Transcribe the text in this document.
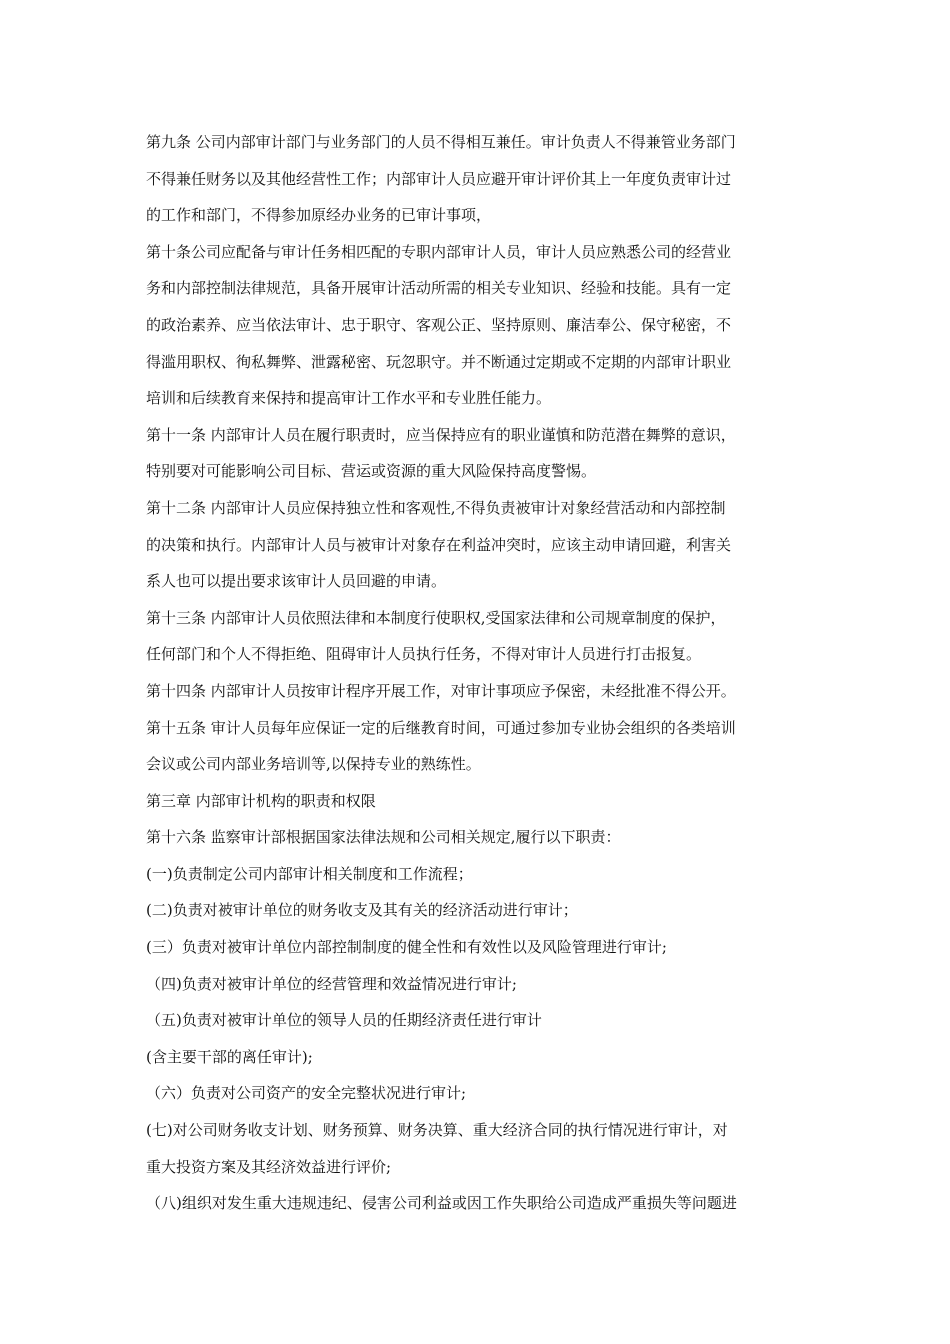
第九条 公司内部审计部门与业务部门的人员不得相互兼任。审计负责人不得兼管业务部门
不得兼任财务以及其他经营性工作；内部审计人员应避开审计评价其上一年度负责审计过
的工作和部门，不得参加原经办业务的已审计事项，
第十条公司应配备与审计任务相匹配的专职内部审计人员，审计人员应熟悉公司的经营业
务和内部控制法律规范，具备开展审计活动所需的相关专业知识、经验和技能。具有一定
的政治素养、应当依法审计、忠于职守、客观公正、坚持原则、廉洁奉公、保守秘密，不
得滥用职权、徇私舞弊、泄露秘密、玩忽职守。并不断通过定期或不定期的内部审计职业
培训和后续教育来保持和提高审计工作水平和专业胜任能力。
第十一条 内部审计人员在履行职责时，应当保持应有的职业谨慎和防范潜在舞弊的意识，
特别要对可能影响公司目标、营运或资源的重大风险保持高度警惕。
第十二条 内部审计人员应保持独立性和客观性,不得负责被审计对象经营活动和内部控制
的决策和执行。内部审计人员与被审计对象存在利益冲突时，应该主动申请回避，利害关
系人也可以提出要求该审计人员回避的申请。
第十三条 内部审计人员依照法律和本制度行使职权,受国家法律和公司规章制度的保护，
任何部门和个人不得拒绝、阻碍审计人员执行任务，不得对审计人员进行打击报复。
第十四条 内部审计人员按审计程序开展工作，对审计事项应予保密，未经批准不得公开。
第十五条 审计人员每年应保证一定的后继教育时间，可通过参加专业协会组织的各类培训
会议或公司内部业务培训等,以保持专业的熟练性。
第三章 内部审计机构的职责和权限
第十六条 监察审计部根据国家法律法规和公司相关规定,履行以下职责：
(一)负责制定公司内部审计相关制度和工作流程；
(二)负责对被审计单位的财务收支及其有关的经济活动进行审计；
(三）负责对被审计单位内部控制制度的健全性和有效性以及风险管理进行审计;
（四)负责对被审计单位的经营管理和效益情况进行审计;
（五)负责对被审计单位的领导人员的任期经济责任进行审计
(含主要干部的离任审计);
（六）负责对公司资产的安全完整状况进行审计;
(七)对公司财务收支计划、财务预算、财务决算、重大经济合同的执行情况进行审计，对
重大投资方案及其经济效益进行评价;
（八)组织对发生重大违规违纪、侵害公司利益或因工作失职给公司造成严重损失等问题进
